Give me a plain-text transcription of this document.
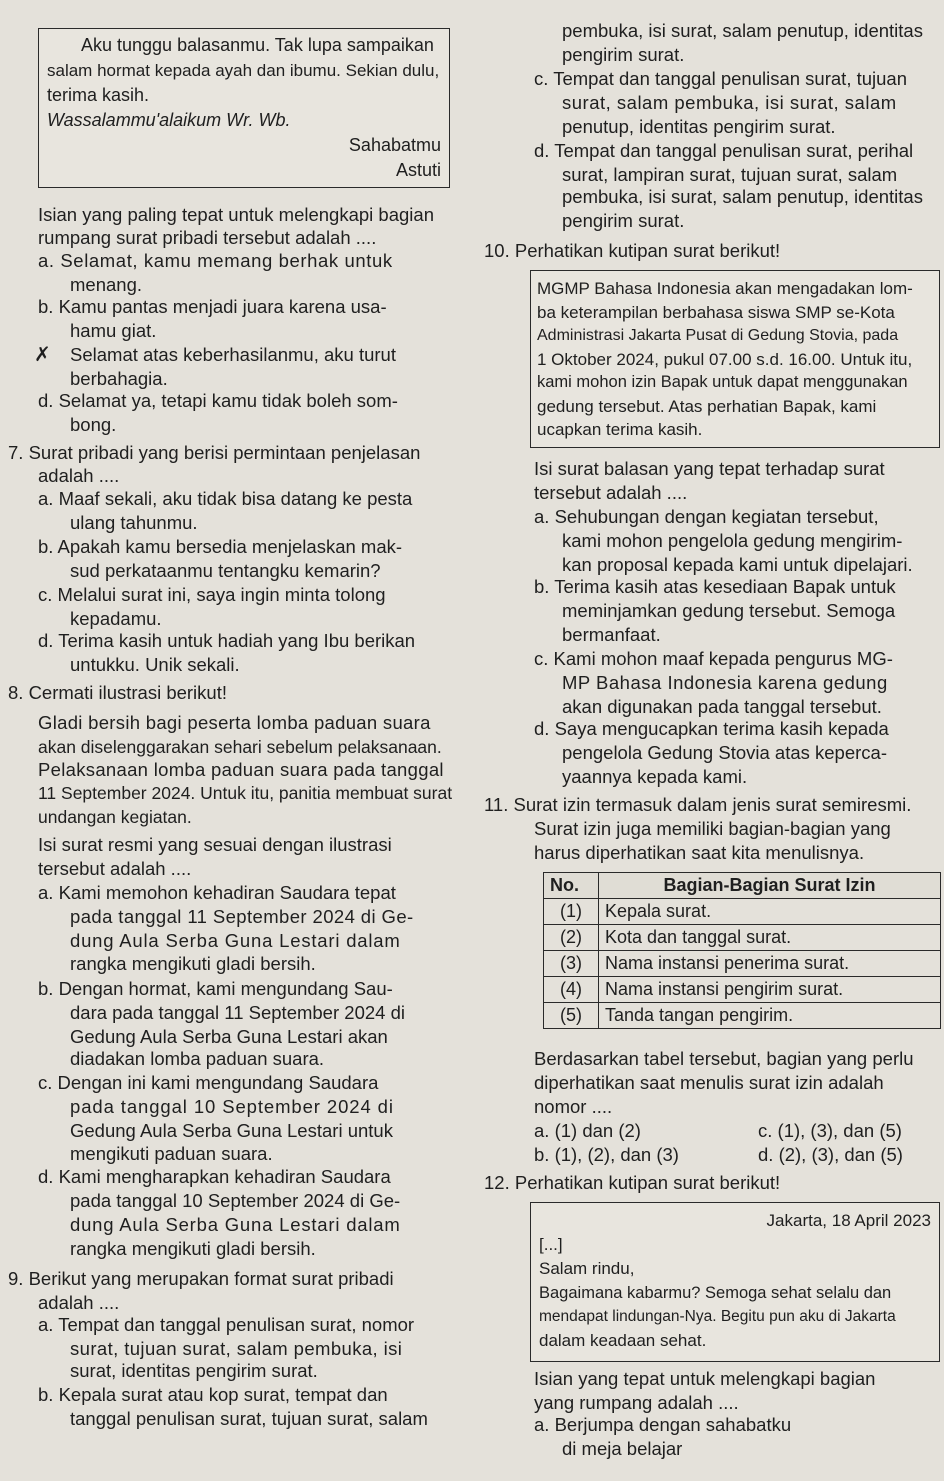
Aku tunggu balasanmu. Tak lupa sampaikan
salam hormat kepada ayah dan ibumu. Sekian dulu,
terima kasih.
Wassalammu'alaikum Wr. Wb.
Sahabatmu
Astuti
Isian yang paling tepat untuk melengkapi bagian
rumpang surat pribadi tersebut adalah ....
a. Selamat, kamu memang berhak untuk
menang.
b. Kamu pantas menjadi juara karena usa-
hamu giat.
✗ Selamat atas keberhasilanmu, aku turut
berbahagia.
d. Selamat ya, tetapi kamu tidak boleh som-
bong.
7. Surat pribadi yang berisi permintaan penjelasan
adalah ....
a. Maaf sekali, aku tidak bisa datang ke pesta
ulang tahunmu.
b. Apakah kamu bersedia menjelaskan mak-
sud perkataanmu tentangku kemarin?
c. Melalui surat ini, saya ingin minta tolong
kepadamu.
d. Terima kasih untuk hadiah yang Ibu berikan
untukku. Unik sekali.
8. Cermati ilustrasi berikut!
Gladi bersih bagi peserta lomba paduan suara
akan diselenggarakan sehari sebelum pelaksanaan.
Pelaksanaan lomba paduan suara pada tanggal
11 September 2024. Untuk itu, panitia membuat surat
undangan kegiatan.
Isi surat resmi yang sesuai dengan ilustrasi
tersebut adalah ....
a. Kami memohon kehadiran Saudara tepat
pada tanggal 11 September 2024 di Ge-
dung Aula Serba Guna Lestari dalam
rangka mengikuti gladi bersih.
b. Dengan hormat, kami mengundang Sau-
dara pada tanggal 11 September 2024 di
Gedung Aula Serba Guna Lestari akan
diadakan lomba paduan suara.
c. Dengan ini kami mengundang Saudara
pada tanggal 10 September 2024 di
Gedung Aula Serba Guna Lestari untuk
mengikuti paduan suara.
d. Kami mengharapkan kehadiran Saudara
pada tanggal 10 September 2024 di Ge-
dung Aula Serba Guna Lestari dalam
rangka mengikuti gladi bersih.
9. Berikut yang merupakan format surat pribadi
adalah ....
a. Tempat dan tanggal penulisan surat, nomor
surat, tujuan surat, salam pembuka, isi
surat, identitas pengirim surat.
b. Kepala surat atau kop surat, tempat dan
tanggal penulisan surat, tujuan surat, salam
pembuka, isi surat, salam penutup, identitas
pengirim surat.
c. Tempat dan tanggal penulisan surat, tujuan
surat, salam pembuka, isi surat, salam
penutup, identitas pengirim surat.
d. Tempat dan tanggal penulisan surat, perihal
surat, lampiran surat, tujuan surat, salam
pembuka, isi surat, salam penutup, identitas
pengirim surat.
10. Perhatikan kutipan surat berikut!
MGMP Bahasa Indonesia akan mengadakan lom-
ba keterampilan berbahasa siswa SMP se-Kota
Administrasi Jakarta Pusat di Gedung Stovia, pada
1 Oktober 2024, pukul 07.00 s.d. 16.00. Untuk itu,
kami mohon izin Bapak untuk dapat menggunakan
gedung tersebut. Atas perhatian Bapak, kami
ucapkan terima kasih.
Isi surat balasan yang tepat terhadap surat
tersebut adalah ....
a. Sehubungan dengan kegiatan tersebut,
kami mohon pengelola gedung mengirim-
kan proposal kepada kami untuk dipelajari.
b. Terima kasih atas kesediaan Bapak untuk
meminjamkan gedung tersebut. Semoga
bermanfaat.
c. Kami mohon maaf kepada pengurus MG-
MP Bahasa Indonesia karena gedung
akan digunakan pada tanggal tersebut.
d. Saya mengucapkan terima kasih kepada
pengelola Gedung Stovia atas keperca-
yaannya kepada kami.
11. Surat izin termasuk dalam jenis surat semiresmi.
Surat izin juga memiliki bagian-bagian yang
harus diperhatikan saat kita menulisnya.
No.	Bagian-Bagian Surat Izin
(1)	Kepala surat.
(2)	Kota dan tanggal surat.
(3)	Nama instansi penerima surat.
(4)	Nama instansi pengirim surat.
(5)	Tanda tangan pengirim.
Berdasarkan tabel tersebut, bagian yang perlu
diperhatikan saat menulis surat izin adalah
nomor ....
a. (1) dan (2)	c. (1), (3), dan (5)
b. (1), (2), dan (3)	d. (2), (3), dan (5)
12. Perhatikan kutipan surat berikut!
Jakarta, 18 April 2023
[...]
Salam rindu,
Bagaimana kabarmu? Semoga sehat selalu dan
mendapat lindungan-Nya. Begitu pun aku di Jakarta
dalam keadaan sehat.
Isian yang tepat untuk melengkapi bagian
yang rumpang adalah ....
a. Berjumpa dengan sahabatku
di meja belajar
